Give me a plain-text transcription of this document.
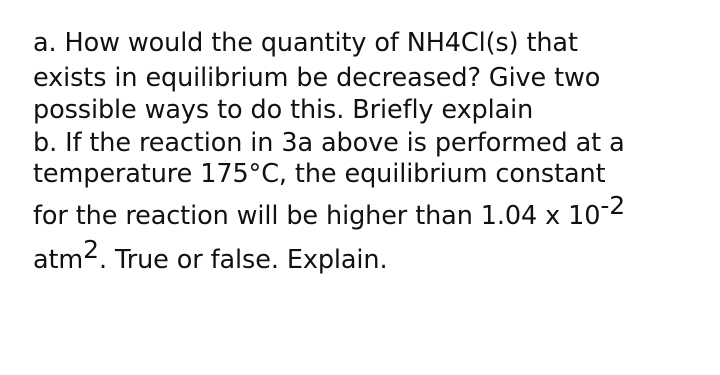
a. How would the quantity of NH4Cl(s) that

exists in equilibrium be decreased? Give two

possible ways to do this. Briefly explain

b. If the reaction in 3a above is performed at a

temperature 175°C, the equilibrium constant

for the reaction will be higher than 1.04 x 10-2

atm2. True or false. Explain.
